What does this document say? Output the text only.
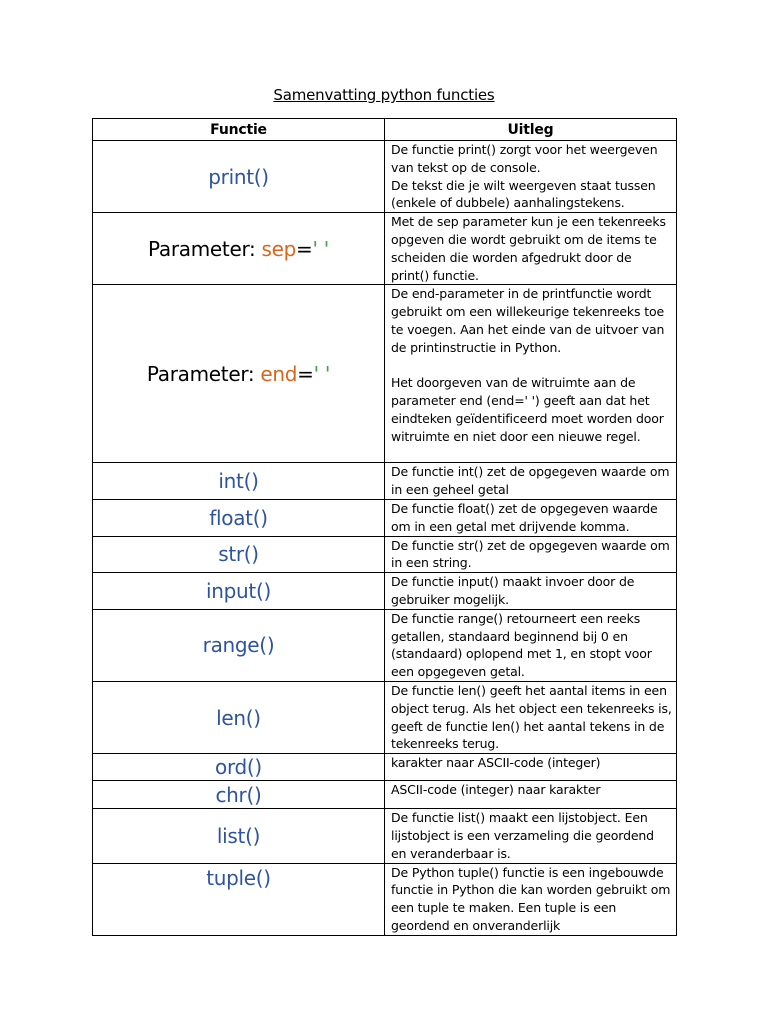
Samenvatting python functies
Functie	Uitleg
print()	De functie print() zorgt voor het weergeven van tekst op de console.
De tekst die je wilt weergeven staat tussen (enkele of dubbele) aanhalingstekens.
Parameter: sep=' '	Met de sep parameter kun je een tekenreeks opgeven die wordt gebruikt om de items te scheiden die worden afgedrukt door de print() functie.
Parameter: end=' '	De end-parameter in de printfunctie wordt gebruikt om een willekeurige tekenreeks toe te voegen. Aan het einde van de uitvoer van de printinstructie in Python.

Het doorgeven van de witruimte aan de parameter end (end=' ') geeft aan dat het eindteken geïdentificeerd moet worden door witruimte en niet door een nieuwe regel.
int()	De functie int() zet de opgegeven waarde om in een geheel getal
float()	De functie float() zet de opgegeven waarde om in een getal met drijvende komma.
str()	De functie str() zet de opgegeven waarde om in een string.
input()	De functie input() maakt invoer door de gebruiker mogelijk.
range()	De functie range() retourneert een reeks getallen, standaard beginnend bij 0 en (standaard) oplopend met 1, en stopt voor een opgegeven getal.
len()	De functie len() geeft het aantal items in een object terug. Als het object een tekenreeks is, geeft de functie len() het aantal tekens in de tekenreeks terug.
ord()	karakter naar ASCII-code (integer)
chr()	ASCII-code (integer) naar karakter
list()	De functie list() maakt een lijstobject. Een lijstobject is een verzameling die geordend en veranderbaar is.
tuple()	De Python tuple() functie is een ingebouwde functie in Python die kan worden gebruikt om een tuple te maken. Een tuple is een geordend en onveranderlijk
